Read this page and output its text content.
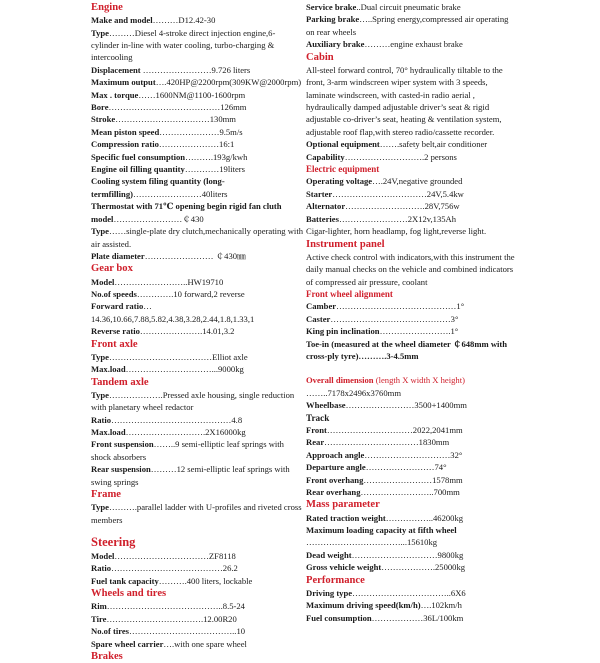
Engine
Make and model………D12.42-30
Type………Diesel 4-stroke direct injection engine,6-cylinder in-line with water cooling, turbo-charging & intercooling
Displacement ……………………9.726 liters
Maximum output….420HP@2200rpm(309KW@2000rpm)
Max . torque……1600NM@1100-1600rpm
Bore…………………………………126mm
Stroke……………………………130mm
Mean piston speed…………………9.5m/s
Compression ratio…………………16:1
Specific fuel consumption……….193g/kwh
Engine oil filling quantity…………19liters
Cooling system filing quantity (long-termfilling)……………………40liters
Thermostat with 71℃ opening begin rigid fan cluth model……………………￠430
Type……single-plate dry clutch,mechanically operating with air assisted.
Plate diameter…………………… ￠430㎜
Gear box
Model……………………..HW19710
No.of speeds………….10 forward,2 reverse
Forward ratio…14.36,10.66,7.88,5.82,4.38,3.28,2.44,1.8,1.33,1
Reverse ratio………………….14.01,3.2
Front axle
Type………………………………Elliot axle
Max.load…………………………...9000kg
Tandem axle
Type……………….Pressed axle housing, single reduction with planetary wheel redactor
Ratio……………………………………4.8
Max.load……………………….2X16000kg
Front suspension……..9 semi-elliptic leaf springs with shock absorbers
Rear suspension………12 semi-elliptic leaf springs with swing springs
Frame
Type……….parallel ladder with U-profiles and riveted cross members
Steering
Model……………………………ZF8118
Ratio…………………………………26.2
Fuel tank capacity……….400 liters, lockable
Wheels and tires
Rim…………………………………..8.5-24
Tire…………………………….12.00R20
No.of tires………………………………..10
Spare wheel carrier….with one spare wheel
Brakes
Service brake..Dual circuit pneumatic brake
Parking brake…..Spring energy,compressed air operating on rear wheels
Auxiliary brake………engine exhaust brake
Cabin
All-steel forward control, 70° hydraulically tiltable to the front, 3-arm windscreen wiper system with 3 speeds, laminate windscreen, with casted-in radio aerial , hydraulically damped adjustable driver’s seat & rigid adjustable co-driver’s seat, heating & ventilation system, adjustable roof flap,with stereo radio/cassette recorder.
Optional equipment…….safety belt,air conditioner
Capability……………………….2 persons
Electric equipment
Operating voltage….24V,negative grounded
Starter……………………………24V,5.4kw
Alternator……………………….28V,756w
Batteries……………………2X12v,135Ah
Cigar-lighter, horn headlamp, fog light,reverse light.
Instrument panel
Active check control with indicators,with this instrument the daily manual checks on the vehicle and combined indicators of compressed air pressure, coolant
Front wheel alignment
Camber……………………………………1°
Caster……………………………………3°
King pin inclination…………………….1°
Toe-in (measured at the wheel diameter ￠648mm with cross-ply tyre)……….3-4.5mm
Overall dimension (length X width X height) ……..7178x2496x3760mm
Wheelbase……………………3500+1400mm
Track
Front…………………………2022,2041mm
Rear……………………………1830mm
Approach angle…………………………32°
Departure angle……………………74°
Front overhang……………………1578mm
Rear overhang……………………..700mm
Mass parameter
Rated traction weight……………..46200kg
Maximum loading capacity at fifth wheel ……………………………...15610kg
Dead weight…………………………9800kg
Gross vehicle weight……………….25000kg
Performance
Driving type……………………………..6X6
Maximum driving speed(km/h)….102km/h
Fuel consumption………………36L/100km
